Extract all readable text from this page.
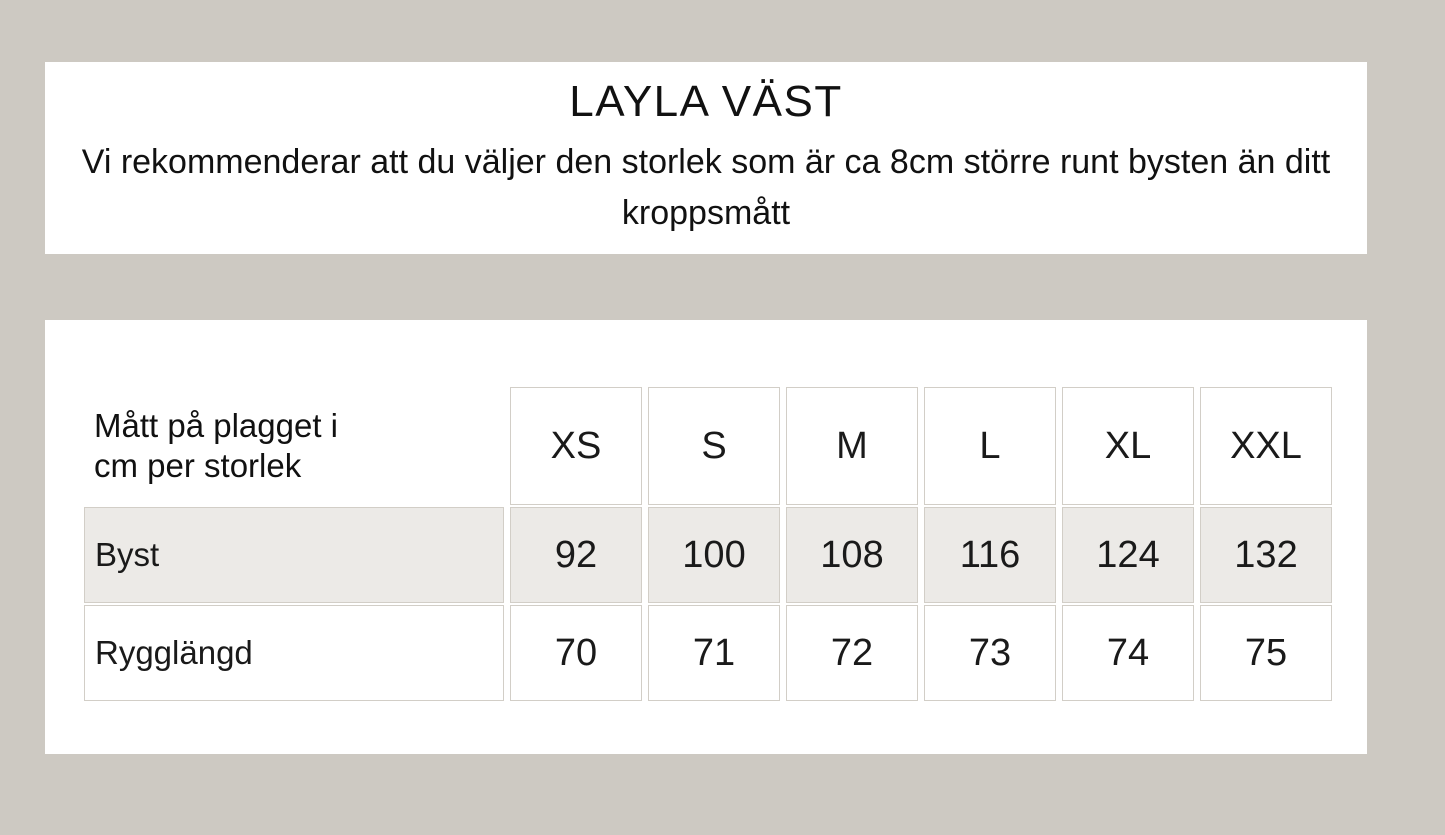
LAYLA VÄST
Vi rekommenderar att du väljer den storlek som är ca 8cm större runt bysten än ditt kroppsmått
Mått på plagget i
cm per storlek	XS	S	M	L	XL	XXL
Byst	92	100	108	116	124	132
Rygglängd	70	71	72	73	74	75
